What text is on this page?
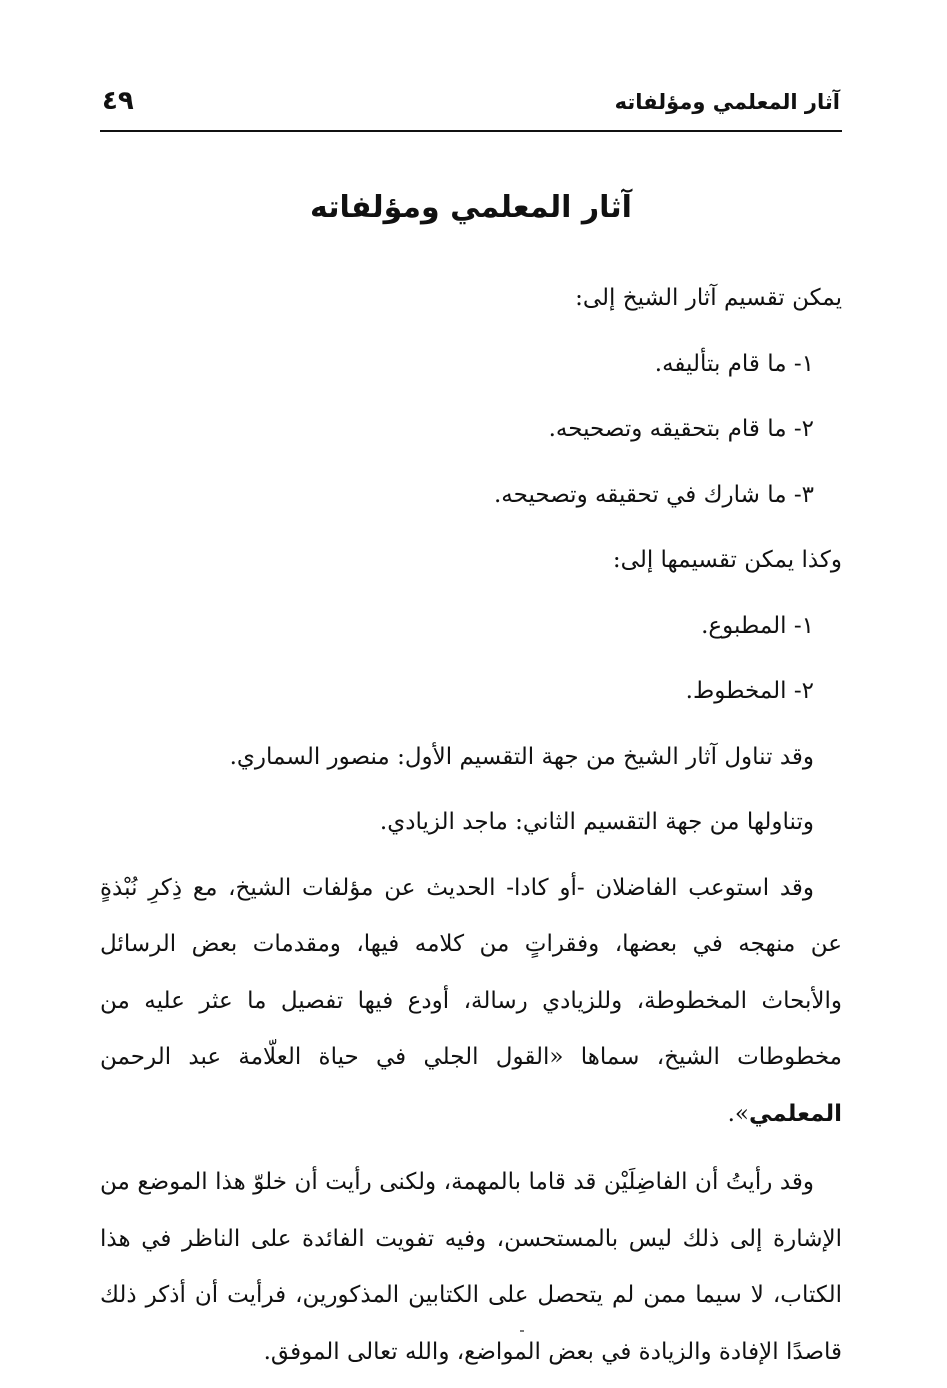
آثار المعلمي ومؤلفاته
٤٩
آثار المعلمي ومؤلفاته
يمكن تقسيم آثار الشيخ إلى:
١- ما قام بتأليفه.
٢- ما قام بتحقيقه وتصحيحه.
٣- ما شارك في تحقيقه وتصحيحه.
وكذا يمكن تقسيمها إلى:
١- المطبوع.
٢- المخطوط.
وقد تناول آثار الشيخ من جهة التقسيم الأول: منصور السماري.
وتناولها من جهة التقسيم الثاني: ماجد الزيادي.

وقد استوعب الفاضلان -أو كادا- الحديث عن مؤلفات الشيخ، مع ذِكرِ نُبْذةٍ عن منهجه في بعضها، وفقراتٍ من كلامه فيها، ومقدمات بعض الرسائل والأبحاث المخطوطة، وللزيادي رسالة، أودع فيها تفصيل ما عثر عليه من مخطوطات الشيخ، سماها «القول الجلي في حياة العلّامة عبد الرحمن المعلمي».

وقد رأيتُ أن الفاضِلَيْن قد قاما بالمهمة، ولكنى رأيت أن خلوّ هذا الموضع من الإشارة إلى ذلك ليس بالمستحسن، وفيه تفويت الفائدة على الناظر في هذا الكتاب، لا سيما ممن لم يتحصل على الكتابين المذكورين، فرأيت أن أذكر ذلك قاصدًا الإفادة والزيادة في بعض المواضع، والله تعالى الموفق.
